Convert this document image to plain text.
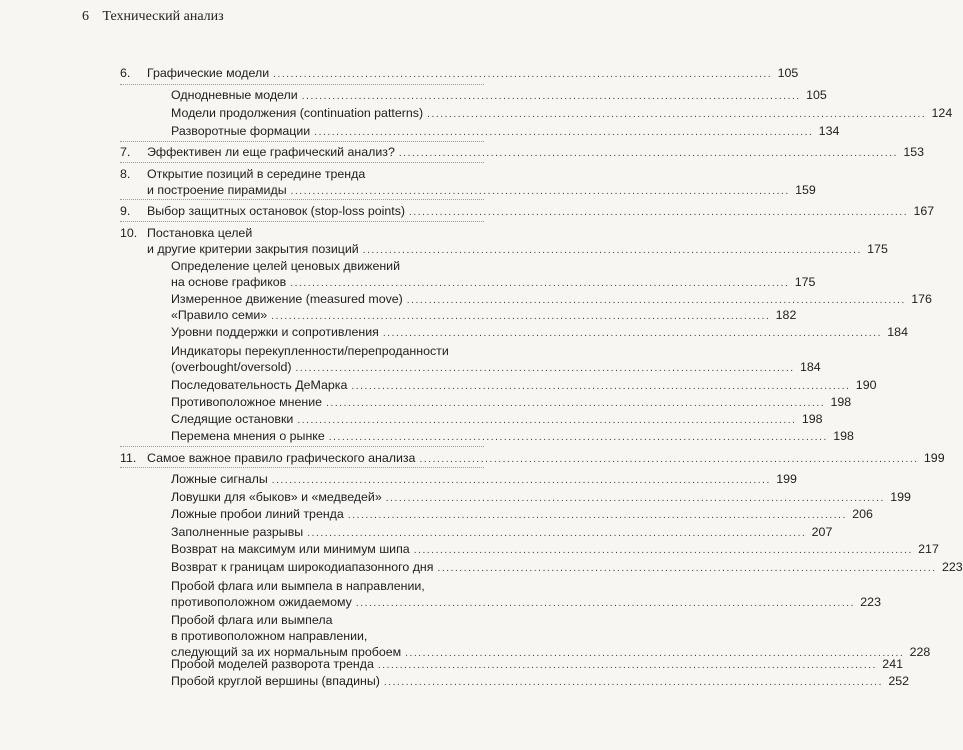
6 Технический анализ
6. Графические модели .................................................................................................................. 105
Однодневные модели .................................................................................................................. 105
Модели продолжения (continuation patterns) .................................................................................................................. 124
Разворотные формации .................................................................................................................. 134
7. Эффективен ли еще графический анализ? .................................................................................................................. 153
8. Открытие позиций в середине тренда
и построение пирамиды .................................................................................................................. 159
9. Выбор защитных остановок (stop-loss points) .................................................................................................................. 167
10. Постановка целей
и другие критерии закрытия позиций .................................................................................................................. 175
Определение целей ценовых движений
на основе графиков .................................................................................................................. 175
Измеренное движение (measured move) .................................................................................................................. 176
«Правило семи» .................................................................................................................. 182
Уровни поддержки и сопротивления .................................................................................................................. 184
Индикаторы перекупленности/перепроданности
(overbought/oversold) .................................................................................................................. 184
Последовательность ДеМарка .................................................................................................................. 190
Противоположное мнение .................................................................................................................. 198
Следящие остановки .................................................................................................................. 198
Перемена мнения о рынке .................................................................................................................. 198
11. Самое важное правило графического анализа .................................................................................................................. 199
Ложные сигналы .................................................................................................................. 199
Ловушки для «быков» и «медведей» .................................................................................................................. 199
Ложные пробои линий тренда .................................................................................................................. 206
Заполненные разрывы .................................................................................................................. 207
Возврат на максимум или минимум шипа .................................................................................................................. 217
Возврат к границам широкодиапазонного дня .................................................................................................................. 223
Пробой флага или вымпела в направлении,
противоположном ожидаемому .................................................................................................................. 223
Пробой флага или вымпела
в противоположном направлении,
следующий за их нормальным пробоем .................................................................................................................. 228
Пробой моделей разворота тренда .................................................................................................................. 241
Пробой круглой вершины (впадины) .................................................................................................................. 252
